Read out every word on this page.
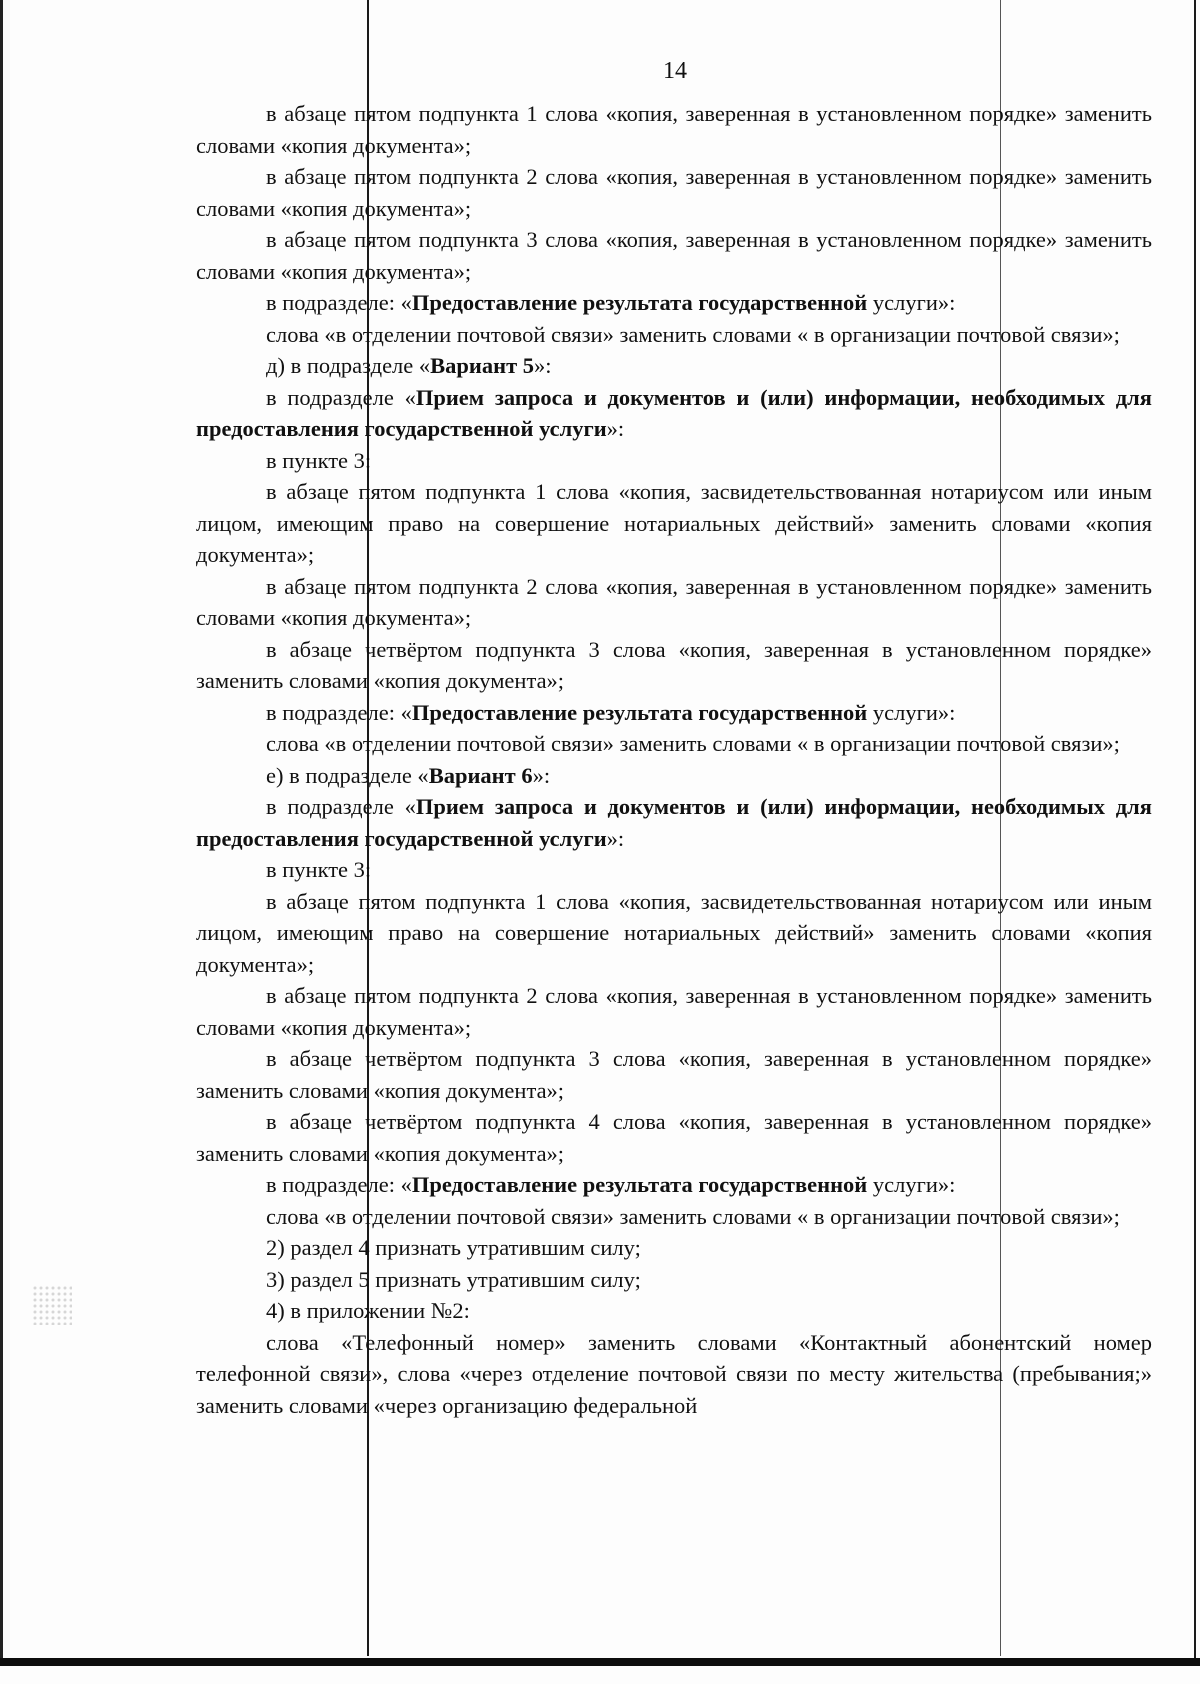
14

в абзаце пятом подпункта 1 слова «копия, заверенная в установленном порядке» заменить словами «копия документа»;

в абзаце пятом подпункта 2 слова «копия, заверенная в установленном порядке» заменить словами «копия документа»;

в абзаце пятом подпункта 3 слова «копия, заверенная в установленном порядке» заменить словами «копия документа»;

в подразделе: «Предоставление результата государственной услуги»:

слова «в отделении почтовой связи» заменить словами « в организации почтовой связи»;

д) в подразделе «Вариант 5»:

в подразделе «Прием запроса и документов и (или) информации, необходимых для предоставления государственной услуги»:

в пункте 3:

в абзаце пятом подпункта 1 слова «копия, засвидетельствованная нотариусом или иным лицом, имеющим право на совершение нотариальных действий» заменить словами «копия документа»;

в абзаце пятом подпункта 2 слова «копия, заверенная в установленном порядке» заменить словами «копия документа»;

в абзаце четвёртом подпункта 3 слова «копия, заверенная в установленном порядке» заменить словами «копия документа»;

в подразделе: «Предоставление результата государственной услуги»:

слова «в отделении почтовой связи» заменить словами « в организации почтовой связи»;

е) в подразделе «Вариант 6»:

в подразделе «Прием запроса и документов и (или) информации, необходимых для предоставления государственной услуги»:

в пункте 3:

в абзаце пятом подпункта 1 слова «копия, засвидетельствованная нотариусом или иным лицом, имеющим право на совершение нотариальных действий» заменить словами «копия документа»;

в абзаце пятом подпункта 2 слова «копия, заверенная в установленном порядке» заменить словами «копия документа»;

в абзаце четвёртом подпункта 3 слова «копия, заверенная в установленном порядке» заменить словами «копия документа»;

в абзаце четвёртом подпункта 4 слова «копия, заверенная в установленном порядке» заменить словами «копия документа»;

в подразделе: «Предоставление результата государственной услуги»:

слова «в отделении почтовой связи» заменить словами « в организации почтовой связи»;

2) раздел 4 признать утратившим силу;

3) раздел 5 признать утратившим силу;

4) в приложении №2:

слова «Телефонный номер» заменить словами «Контактный абонентский номер телефонной связи», слова «через отделение почтовой связи по месту жительства (пребывания;» заменить словами «через организацию федеральной
